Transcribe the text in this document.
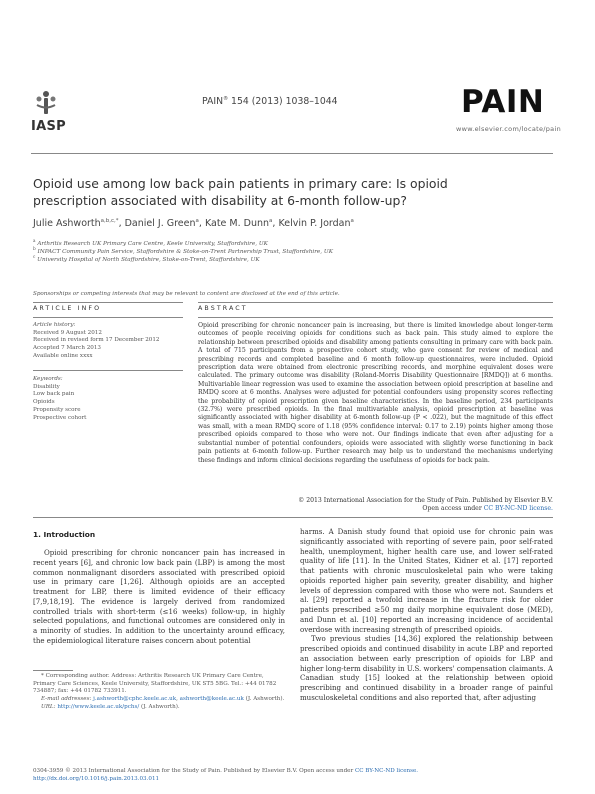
IASP
PAIN® 154 (2013) 1038–1044	PAIN
www.elsevier.com/locate/pain
Opioid use among low back pain patients in primary care: Is opioid
prescription associated with disability at 6-month follow-up?
Julie Ashworth$^{a,b,c,*}$, Daniel J. Green$^a$, Kate M. Dunn$^a$, Kelvin P. Jordan$^a$
$^a$ Arthritis Research UK Primary Care Centre, Keele University, Staffordshire, UK
$^b$ INPACT Community Pain Service, Staffordshire & Stoke-on-Trent Partnership Trust, Staffordshire, UK
$^c$ University Hospital of North Staffordshire, Stoke-on-Trent, Staffordshire, UK
Sponsorships or competing interests that may be relevant to content are disclosed at the end of this article.
ARTICLE INFO	ABSTRACT
Article history:
Received 9 August 2012
Received in revised form 17 December 2012
Accepted 7 March 2013
Available online xxxx
Keywords:
Disability
Low back pain
Opioids
Propensity score
Prospective cohort
Opioid prescribing for chronic noncancer pain is increasing, but there is limited knowledge about longer-term outcomes of people receiving opioids for conditions such as back pain. This study aimed to explore the relationship between prescribed opioids and disability among patients consulting in primary care with back pain. A total of 715 participants from a prospective cohort study, who gave consent for review of medical and prescribing records and completed baseline and 6 month follow-up questionnaires, were included. Opioid prescription data were obtained from electronic prescribing records, and morphine equivalent doses were calculated. The primary outcome was disability (Roland-Morris Disability Questionnaire [RMDQ]) at 6 months. Multivariable linear regression was used to examine the association between opioid prescription at baseline and RMDQ score at 6 months. Analyses were adjusted for potential confounders using propensity scores reflecting the probability of opioid prescription given baseline characteristics. In the baseline period, 234 participants (32.7%) were prescribed opioids. In the final multivariable analysis, opioid prescription at baseline was significantly associated with higher disability at 6-month follow-up (P < .022), but the magnitude of this effect was small, with a mean RMDQ score of 1.18 (95% confidence interval: 0.17 to 2.19) points higher among those prescribed opioids compared to those who were not. Our findings indicate that even after adjusting for a substantial number of potential confounders, opioids were associated with slightly worse functioning in back pain patients at 6-month follow-up. Further research may help us to understand the mechanisms underlying these findings and inform clinical decisions regarding the usefulness of opioids for back pain.
© 2013 International Association for the Study of Pain. Published by Elsevier B.V.
Open access under CC BY-NC-ND license.
1. Introduction
Opioid prescribing for chronic noncancer pain has increased in recent years [6], and chronic low back pain (LBP) is among the most common nonmalignant disorders associated with prescribed opioid use in primary care [1,26]. Although opioids are an accepted treatment for LBP, there is limited evidence of their efficacy [7,9,18,19]. The evidence is largely derived from randomized controlled trials with short-term (≤16 weeks) follow-up, in highly selected populations, and functional outcomes are considered only in a minority of studies. In addition to the uncertainty around efficacy, the epidemiological literature raises concern about potential

harms. A Danish study found that opioid use for chronic pain was significantly associated with reporting of severe pain, poor self-rated health, unemployment, higher health care use, and lower self-rated quality of life [11]. In the United States, Kidner et al. [17] reported that patients with chronic musculoskeletal pain who were taking opioids reported higher pain severity, greater disability, and higher levels of depression compared with those who were not. Saunders et al. [29] reported a twofold increase in the fracture risk for older patients prescribed ≥50 mg daily morphine equivalent dose (MED), and Dunn et al. [10] reported an increasing incidence of accidental overdose with increasing strength of prescribed opioids.

Two previous studies [14,36] explored the relationship between prescribed opioids and continued disability in acute LBP and reported an association between early prescription of opioids for LBP and higher long-term disability in U.S. workers' compensation claimants. A Canadian study [15] looked at the relationship between opioid prescribing and continued disability in a broader range of painful musculoskeletal conditions and also reported that, after adjusting

* Corresponding author. Address: Arthritis Research UK Primary Care Centre, Primary Care Sciences, Keele University, Staffordshire, UK ST5 5BG. Tel.: +44 01782 734887; fax: +44 01782 733911.
E-mail addresses: j.ashworth@cphc.keele.ac.uk, ashworth@keele.ac.uk (J. Ashworth).
URL: http://www.keele.ac.uk/pchs/ (J. Ashworth).
0304-3959 © 2013 International Association for the Study of Pain. Published by Elsevier B.V. Open access under CC BY-NC-ND license.
http://dx.doi.org/10.1016/j.pain.2013.03.011
